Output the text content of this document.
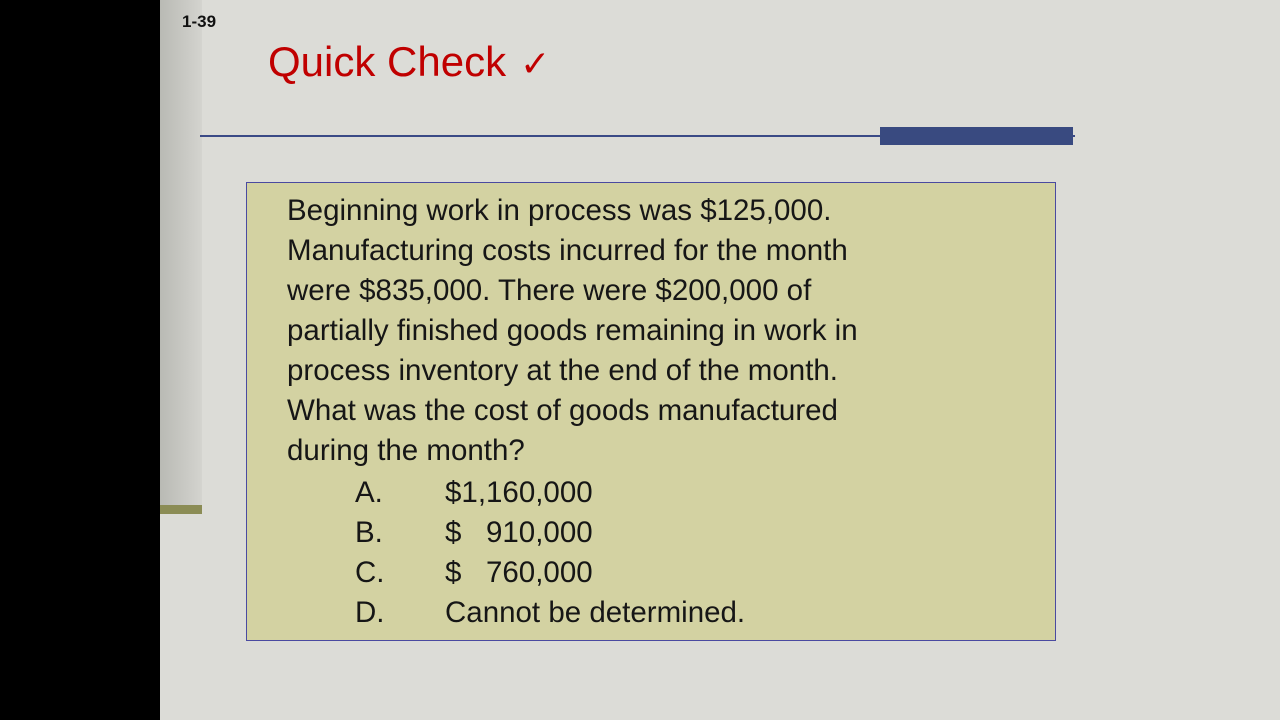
1-39
Quick Check ✓

Beginning work in process was $125,000.

Manufacturing costs incurred for the month

were $835,000. There were $200,000 of

partially finished goods remaining in work in

process inventory at the end of the month.

What was the cost of goods manufactured

during the month?

A.	$1,160,000
B.	$   910,000
C.	$   760,000
D.	Cannot be determined.
